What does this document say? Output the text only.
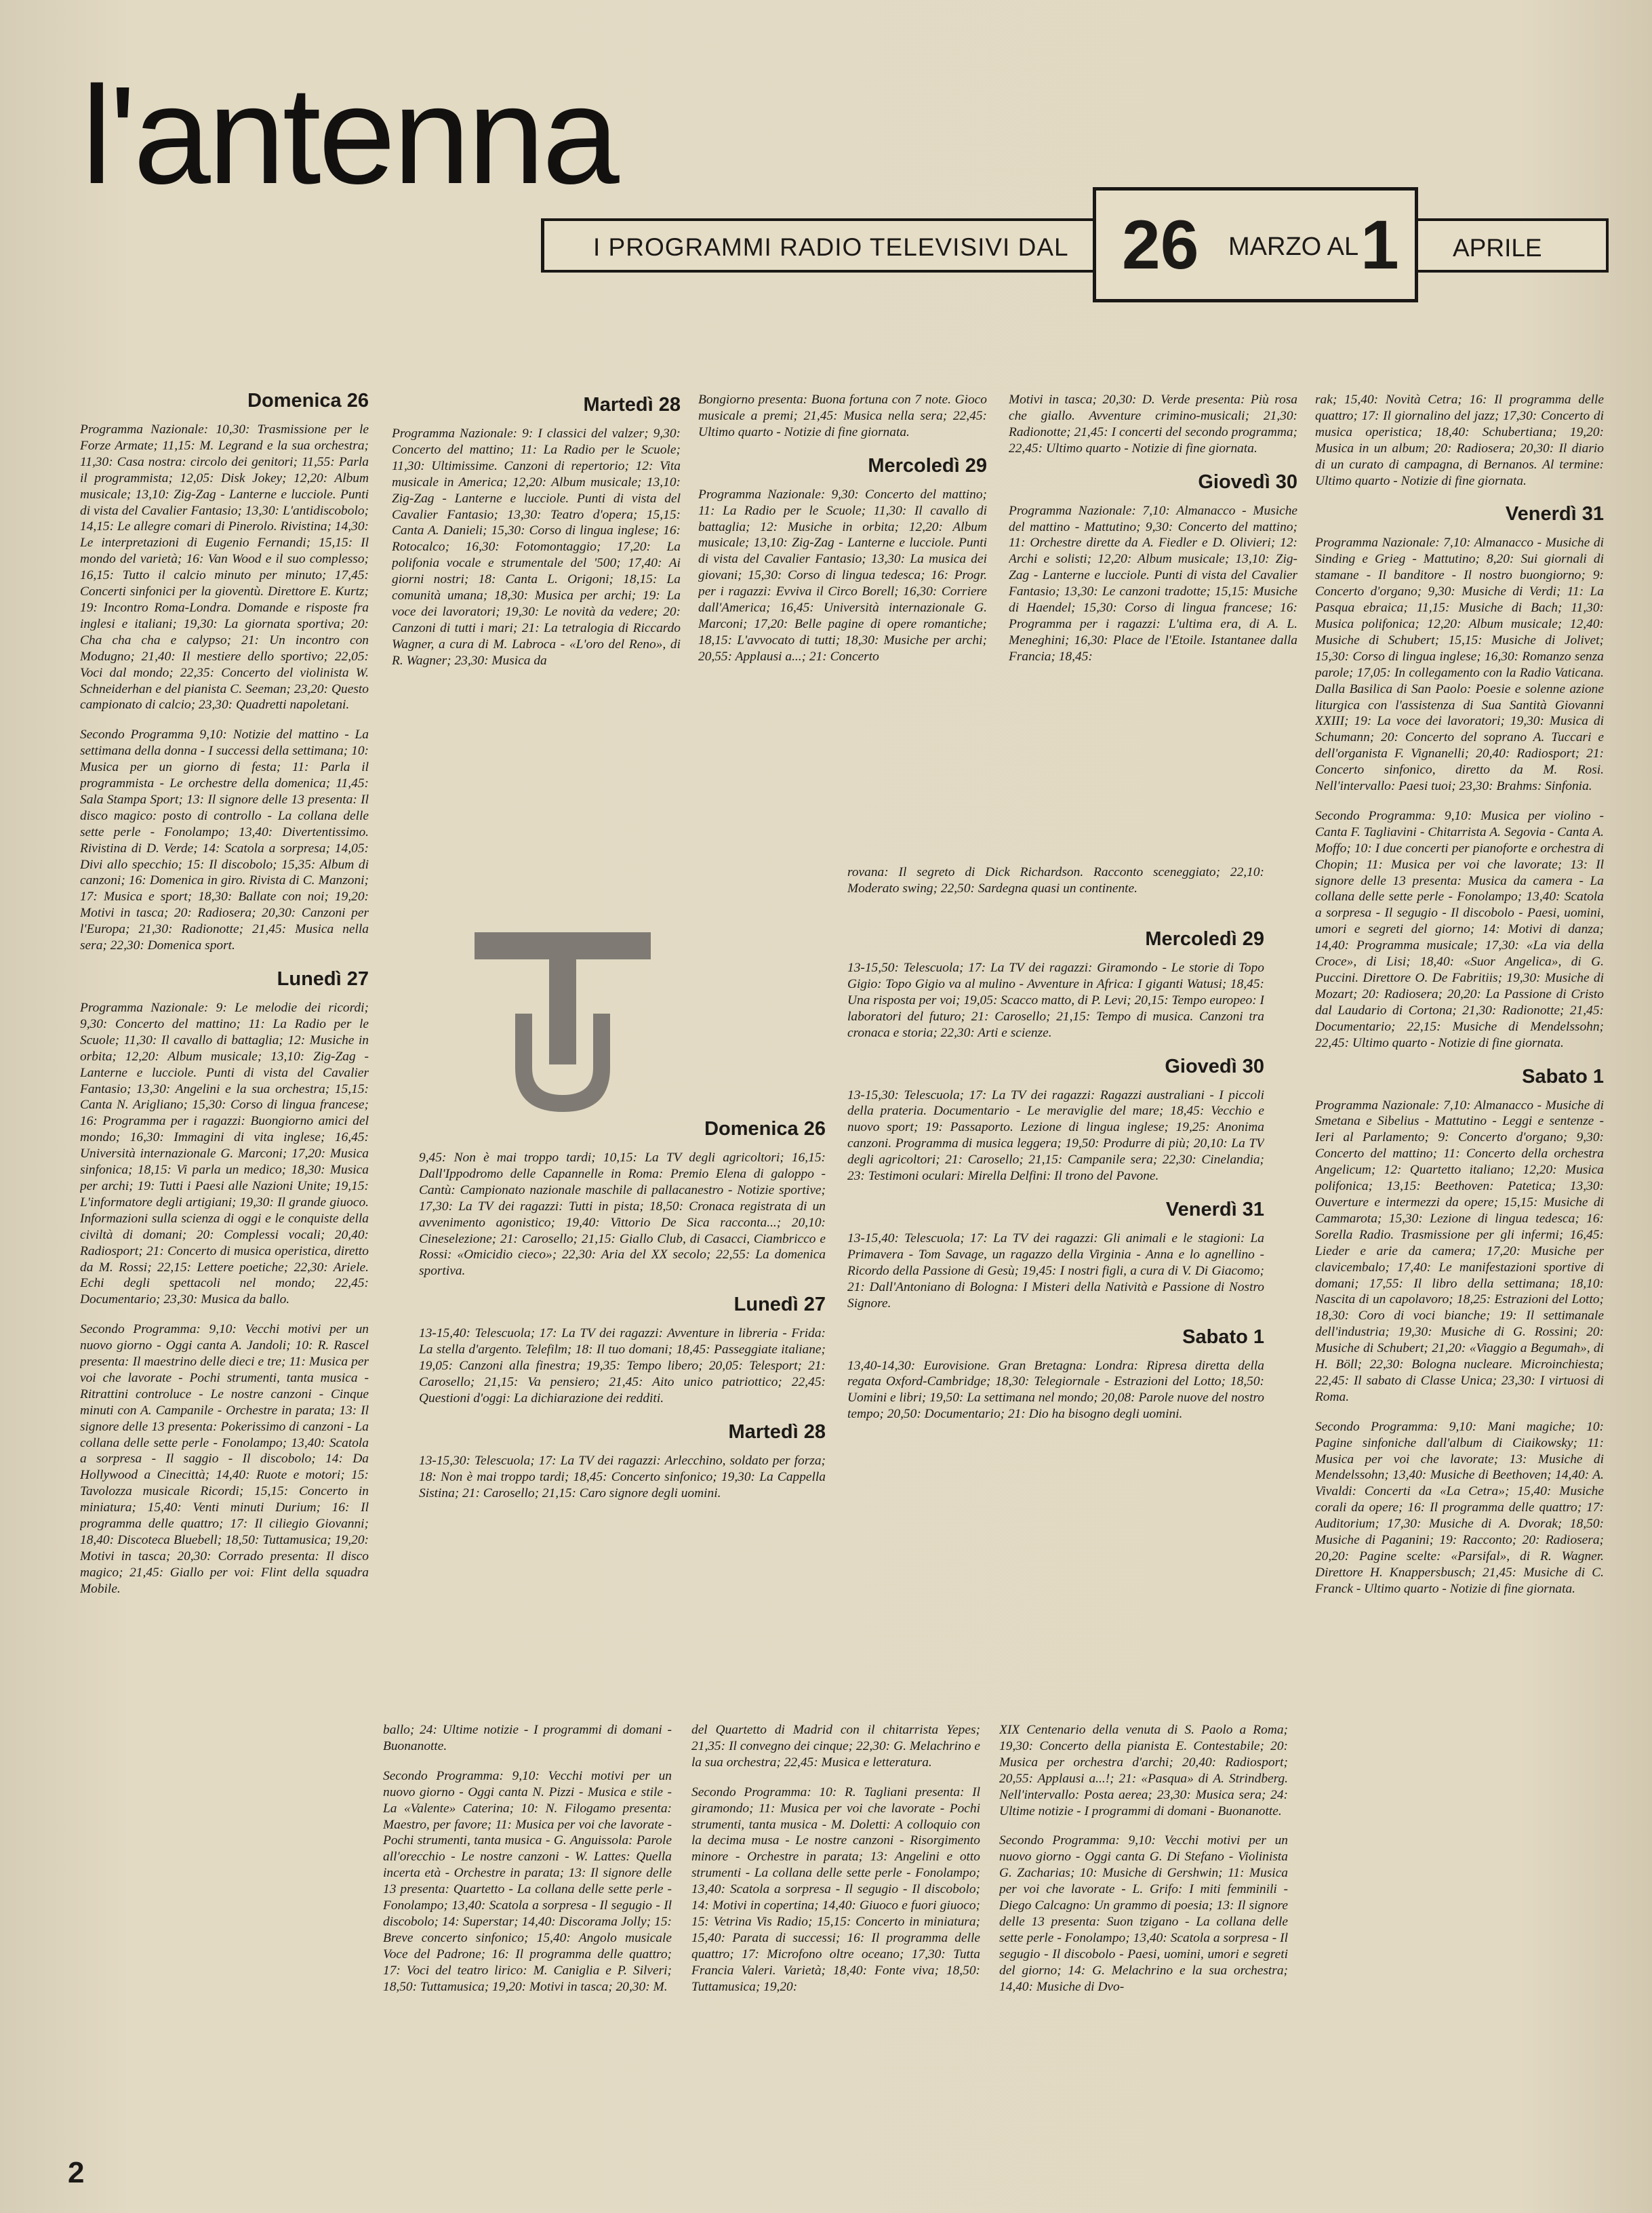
l'antenna
I PROGRAMMI RADIO TELEVISIVI DAL 26 MARZO AL 1 APRILE
Domenica 26

Programma Nazionale: 10,30: Trasmissione per le Forze Armate; 11,15: M. Legrand e la sua orchestra; 11,30: Casa nostra: circolo dei genitori; 11,55: Parla il programmista; 12,05: Disk Jokey; 12,20: Album musicale; 13,10: Zig-Zag - Lanterne e lucciole. Punti di vista del Cavalier Fantasio; 13,30: L'antidiscobolo; 14,15: Le allegre comari di Pinerolo. Rivistina; 14,30: Le interpretazioni di Eugenio Fernandi; 15,15: Il mondo del varietà; 16: Van Wood e il suo complesso; 16,15: Tutto il calcio minuto per minuto; 17,45: Concerti sinfonici per la gioventù. Direttore E. Kurtz; 19: Incontro Roma-Londra. Domande e risposte fra inglesi e italiani; 19,30: La giornata sportiva; 20: Cha cha cha e calypso; 21: Un incontro con Modugno; 21,40: Il mestiere dello sportivo; 22,05: Voci dal mondo; 22,35: Concerto del violinista W. Schneiderhan e del pianista C. Seeman; 23,20: Questo campionato di calcio; 23,30: Quadretti napoletani.

Secondo Programma 9,10: Notizie del mattino - La settimana della donna - I successi della settimana; 10: Musica per un giorno di festa; 11: Parla il programmista - Le orchestre della domenica; 11,45: Sala Stampa Sport; 13: Il signore delle 13 presenta: Il disco magico: posto di controllo - La collana delle sette perle - Fonolampo; 13,40: Divertentissimo. Rivistina di D. Verde; 14: Scatola a sorpresa; 14,05: Divi allo specchio; 15: Il discobolo; 15,35: Album di canzoni; 16: Domenica in giro. Rivista di C. Manzoni; 17: Musica e sport; 18,30: Ballate con noi; 19,20: Motivi in tasca; 20: Radiosera; 20,30: Canzoni per l'Europa; 21,30: Radionotte; 21,45: Musica nella sera; 22,30: Domenica sport.

Lunedì 27

Programma Nazionale: 9: Le melodie dei ricordi; 9,30: Concerto del mattino; 11: La Radio per le Scuole; 11,30: Il cavallo di battaglia; 12: Musiche in orbita; 12,20: Album musicale; 13,10: Zig-Zag - Lanterne e lucciole. Punti di vista del Cavalier Fantasio; 13,30: Angelini e la sua orchestra; 15,15: Canta N. Arigliano; 15,30: Corso di lingua francese; 16: Programma per i ragazzi: Buongiorno amici del mondo; 16,30: Immagini di vita inglese; 16,45: Università internazionale G. Marconi; 17,20: Musica sinfonica; 18,15: Vi parla un medico; 18,30: Musica per archi; 19: Tutti i Paesi alle Nazioni Unite; 19,15: L'informatore degli artigiani; 19,30: Il grande giuoco. Informazioni sulla scienza di oggi e le conquiste della civiltà di domani; 20: Complessi vocali; 20,40: Radiosport; 21: Concerto di musica operistica, diretto da M. Rossi; 22,15: Lettere poetiche; 22,30: Ariele. Echi degli spettacoli nel mondo; 22,45: Documentario; 23,30: Musica da ballo.

Secondo Programma: 9,10: Vecchi motivi per un nuovo giorno - Oggi canta A. Jandoli; 10: R. Rascel presenta: Il maestrino delle dieci e tre; 11: Musica per voi che lavorate - Pochi strumenti, tanta musica - Ritrattini controluce - Le nostre canzoni - Cinque minuti con A. Campanile - Orchestre in parata; 13: Il signore delle 13 presenta: Pokerissimo di canzoni - La collana delle sette perle - Fonolampo; 13,40: Scatola a sorpresa - Il saggio - Il discobolo; 14: Da Hollywood a Cinecittà; 14,40: Ruote e motori; 15: Tavolozza musicale Ricordi; 15,15: Concerto in miniatura; 15,40: Venti minuti Durium; 16: Il programma delle quattro; 17: Il ciliegio Giovanni; 18,40: Discoteca Bluebell; 18,50: Tuttamusica; 19,20: Motivi in tasca; 20,30: Corrado presenta: Il disco magico; 21,45: Giallo per voi: Flint della squadra Mobile.

Martedì 28

Programma Nazionale: 9: I classici del valzer; 9,30: Concerto del mattino; 11: La Radio per le Scuole; 11,30: Ultimissime. Canzoni di repertorio; 12: Vita musicale in America; 12,20: Album musicale; 13,10: Zig-Zag - Lanterne e lucciole. Punti di vista del Cavalier Fantasio; 13,30: Teatro d'opera; 15,15: Canta A. Danieli; 15,30: Corso di lingua inglese; 16: Rotocalco; 16,30: Fotomontaggio; 17,20: La polifonia vocale e strumentale del '500; 17,40: Ai giorni nostri; 18: Canta L. Origoni; 18,15: La comunità umana; 18,30: Musica per archi; 19: La voce dei lavoratori; 19,30: Le novità da vedere; 20: Canzoni di tutti i mari; 21: La tetralogia di Riccardo Wagner, a cura di M. Labroca - «L'oro del Reno», di R. Wagner; 23,30: Musica da

Bongiorno presenta: Buona fortuna con 7 note. Gioco musicale a premi; 21,45: Musica nella sera; 22,45: Ultimo quarto - Notizie di fine giornata.

Mercoledì 29

Programma Nazionale: 9,30: Concerto del mattino; 11: La Radio per le Scuole; 11,30: Il cavallo di battaglia; 12: Musiche in orbita; 12,20: Album musicale; 13,10: Zig-Zag - Lanterne e lucciole. Punti di vista del Cavalier Fantasio; 13,30: La musica dei giovani; 15,30: Corso di lingua tedesca; 16: Progr. per i ragazzi: Evviva il Circo Borell; 16,30: Corriere dall'America; 16,45: Università internazionale G. Marconi; 17,20: Belle pagine di opere romantiche; 18,15: L'avvocato di tutti; 18,30: Musiche per archi; 20,55: Applausi a...; 21: Concerto

Motivi in tasca; 20,30: D. Verde presenta: Più rosa che giallo. Avventure crimino-musicali; 21,30: Radionotte; 21,45: I concerti del secondo programma; 22,45: Ultimo quarto - Notizie di fine giornata.

Giovedì 30

Programma Nazionale: 7,10: Almanacco - Musiche del mattino - Mattutino; 9,30: Concerto del mattino; 11: Orchestre dirette da A. Fiedler e D. Olivieri; 12: Archi e solisti; 12,20: Album musicale; 13,10: Zig-Zag - Lanterne e lucciole. Punti di vista del Cavalier Fantasio; 13,30: Le canzoni tradotte; 15,15: Musiche di Haendel; 15,30: Corso di lingua francese; 16: Programma per i ragazzi: L'ultima era, di A. L. Meneghini; 16,30: Place de l'Etoile. Istantanee dalla Francia; 18,45:

rak; 15,40: Novità Cetra; 16: Il programma delle quattro; 17: Il giornalino del jazz; 17,30: Concerto di musica operistica; 18,40: Schubertiana; 19,20: Musica in un album; 20: Radiosera; 20,30: Il diario di un curato di campagna, di Bernanos. Al termine: Ultimo quarto - Notizie di fine giornata.

Venerdì 31

Programma Nazionale: 7,10: Almanacco - Musiche di Sinding e Grieg - Mattutino; 8,20: Sui giornali di stamane - Il banditore - Il nostro buongiorno; 9: Concerto d'organo; 9,30: Musiche di Verdi; 11: La Pasqua ebraica; 11,15: Musiche di Bach; 11,30: Musica polifonica; 12,20: Album musicale; 12,40: Musiche di Schubert; 15,15: Musiche di Jolivet; 15,30: Corso di lingua inglese; 16,30: Romanzo senza parole; 17,05: In collegamento con la Radio Vaticana. Dalla Basilica di San Paolo: Poesie e solenne azione liturgica con l'assistenza di Sua Santità Giovanni XXIII; 19: La voce dei lavoratori; 19,30: Musica di Schumann; 20: Concerto del soprano A. Tuccari e dell'organista F. Vignanelli; 20,40: Radiosport; 21: Concerto sinfonico, diretto da M. Rosi. Nell'intervallo: Paesi tuoi; 23,30: Brahms: Sinfonia.

Secondo Programma: 9,10: Musica per violino - Canta F. Tagliavini - Chitarrista A. Segovia - Canta A. Moffo; 10: I due concerti per pianoforte e orchestra di Chopin; 11: Musica per voi che lavorate; 13: Il signore delle 13 presenta: Musica da camera - La collana delle sette perle - Fonolampo; 13,40: Scatola a sorpresa - Il segugio - Il discobolo - Paesi, uomini, umori e segreti del giorno; 14: Motivi di danza; 14,40: Programma musicale; 17,30: «La via della Croce», di Lisi; 18,40: «Suor Angelica», di G. Puccini. Direttore O. De Fabritiis; 19,30: Musiche di Mozart; 20: Radiosera; 20,20: La Passione di Cristo dal Laudario di Cortona; 21,30: Radionotte; 21,45: Documentario; 22,15: Musiche di Mendelssohn; 22,45: Ultimo quarto - Notizie di fine giornata.

Sabato 1

Programma Nazionale: 7,10: Almanacco - Musiche di Smetana e Sibelius - Mattutino - Leggi e sentenze - Ieri al Parlamento; 9: Concerto d'organo; 9,30: Concerto del mattino; 11: Concerto della orchestra Angelicum; 12: Quartetto italiano; 12,20: Musica polifonica; 13,15: Beethoven: Patetica; 13,30: Ouverture e intermezzi da opere; 15,15: Musiche di Cammarota; 15,30: Lezione di lingua tedesca; 16: Sorella Radio. Trasmissione per gli infermi; 16,45: Lieder e arie da camera; 17,20: Musiche per clavicembalo; 17,40: Le manifestazioni sportive di domani; 17,55: Il libro della settimana; 18,10: Nascita di un capolavoro; 18,25: Estrazioni del Lotto; 18,30: Coro di voci bianche; 19: Il settimanale dell'industria; 19,30: Musiche di G. Rossini; 20: Musiche di Schubert; 21,20: «Viaggio a Begumah», di H. Böll; 22,30: Bologna nucleare. Microinchiesta; 22,45: Il sabato di Classe Unica; 23,30: I virtuosi di Roma.

Secondo Programma: 9,10: Mani magiche; 10: Pagine sinfoniche dall'album di Ciaikowsky; 11: Musica per voi che lavorate; 13: Musiche di Mendelssohn; 13,40: Musiche di Beethoven; 14,40: A. Vivaldi: Concerti da «La Cetra»; 15,40: Musiche corali da opere; 16: Il programma delle quattro; 17: Auditorium; 17,30: Musiche di A. Dvorak; 18,50: Musiche di Paganini; 19: Racconto; 20: Radiosera; 20,20: Pagine scelte: «Parsifal», di R. Wagner. Direttore H. Knappersbusch; 21,45: Musiche di C. Franck - Ultimo quarto - Notizie di fine giornata.

rovana: Il segreto di Dick Richardson. Racconto sceneggiato; 22,10: Moderato swing; 22,50: Sardegna quasi un continente.

Mercoledì 29

13-15,50: Telescuola; 17: La TV dei ragazzi: Giramondo - Le storie di Topo Gigio: Topo Gigio va al mulino - Avventure in Africa: I giganti Watusi; 18,45: Una risposta per voi; 19,05: Scacco matto, di P. Levi; 20,15: Tempo europeo: I laboratori del futuro; 21: Carosello; 21,15: Tempo di musica. Canzoni tra cronaca e storia; 22,30: Arti e scienze.

Giovedì 30

13-15,30: Telescuola; 17: La TV dei ragazzi: Ragazzi australiani - I piccoli della prateria. Documentario - Le meraviglie del mare; 18,45: Vecchio e nuovo sport; 19: Passaporto. Lezione di lingua inglese; 19,25: Anonima canzoni. Programma di musica leggera; 19,50: Produrre di più; 20,10: La TV degli agricoltori; 21: Carosello; 21,15: Campanile sera; 22,30: Cinelandia; 23: Testimoni oculari: Mirella Delfini: Il trono del Pavone.

Venerdì 31

13-15,40: Telescuola; 17: La TV dei ragazzi: Gli animali e le stagioni: La Primavera - Tom Savage, un ragazzo della Virginia - Anna e lo agnellino - Ricordo della Passione di Gesù; 19,45: I nostri figli, a cura di V. Di Giacomo; 21: Dall'Antoniano di Bologna: I Misteri della Natività e Passione di Nostro Signore.

Sabato 1

13,40-14,30: Eurovisione. Gran Bretagna: Londra: Ripresa diretta della regata Oxford-Cambridge; 18,30: Telegiornale - Estrazioni del Lotto; 18,50: Uomini e libri; 19,50: La settimana nel mondo; 20,08: Parole nuove del nostro tempo; 20,50: Documentario; 21: Dio ha bisogno degli uomini.

Domenica 26

9,45: Non è mai troppo tardi; 10,15: La TV degli agricoltori; 16,15: Dall'Ippodromo delle Capannelle in Roma: Premio Elena di galoppo - Cantù: Campionato nazionale maschile di pallacanestro - Notizie sportive; 17,30: La TV dei ragazzi: Tutti in pista; 18,50: Cronaca registrata di un avvenimento agonistico; 19,40: Vittorio De Sica racconta...; 20,10: Cineselezione; 21: Carosello; 21,15: Giallo Club, di Casacci, Ciambricco e Rossi: «Omicidio cieco»; 22,30: Aria del XX secolo; 22,55: La domenica sportiva.

Lunedì 27

13-15,40: Telescuola; 17: La TV dei ragazzi: Avventure in libreria - Frida: La stella d'argento. Telefilm; 18: Il tuo domani; 18,45: Passeggiate italiane; 19,05: Canzoni alla finestra; 19,35: Tempo libero; 20,05: Telesport; 21: Carosello; 21,15: Va pensiero; 21,45: Aito unico patriottico; 22,45: Questioni d'oggi: La dichiarazione dei redditi.

Martedì 28

13-15,30: Telescuola; 17: La TV dei ragazzi: Arlecchino, soldato per forza; 18: Non è mai troppo tardi; 18,45: Concerto sinfonico; 19,30: La Cappella Sistina; 21: Carosello; 21,15: Caro signore degli uomini.

ballo; 24: Ultime notizie - I programmi di domani - Buonanotte.

Secondo Programma: 9,10: Vecchi motivi per un nuovo giorno - Oggi canta N. Pizzi - Musica e stile - La «Valente» Caterina; 10: N. Filogamo presenta: Maestro, per favore; 11: Musica per voi che lavorate - Pochi strumenti, tanta musica - G. Anguissola: Parole all'orecchio - Le nostre canzoni - W. Lattes: Quella incerta età - Orchestre in parata; 13: Il signore delle 13 presenta: Quartetto - La collana delle sette perle - Fonolampo; 13,40: Scatola a sorpresa - Il segugio - Il discobolo; 14: Superstar; 14,40: Discorama Jolly; 15: Breve concerto sinfonico; 15,40: Angolo musicale Voce del Padrone; 16: Il programma delle quattro; 17: Voci del teatro lirico: M. Caniglia e P. Silveri; 18,50: Tuttamusica; 19,20: Motivi in tasca; 20,30: M.

del Quartetto di Madrid con il chitarrista Yepes; 21,35: Il convegno dei cinque; 22,30: G. Melachrino e la sua orchestra; 22,45: Musica e letteratura.

Secondo Programma: 10: R. Tagliani presenta: Il giramondo; 11: Musica per voi che lavorate - Pochi strumenti, tanta musica - M. Doletti: A colloquio con la decima musa - Le nostre canzoni - Risorgimento minore - Orchestre in parata; 13: Angelini e otto strumenti - La collana delle sette perle - Fonolampo; 13,40: Scatola a sorpresa - Il segugio - Il discobolo; 14: Motivi in copertina; 14,40: Giuoco e fuori giuoco; 15: Vetrina Vis Radio; 15,15: Concerto in miniatura; 15,40: Parata di successi; 16: Il programma delle quattro; 17: Microfono oltre oceano; 17,30: Tutta Francia Valeri. Varietà; 18,40: Fonte viva; 18,50: Tuttamusica; 19,20:

XIX Centenario della venuta di S. Paolo a Roma; 19,30: Concerto della pianista E. Contestabile; 20: Musica per orchestra d'archi; 20,40: Radiosport; 20,55: Applausi a...!; 21: «Pasqua» di A. Strindberg. Nell'intervallo: Posta aerea; 23,30: Musica sera; 24: Ultime notizie - I programmi di domani - Buonanotte.

Secondo Programma: 9,10: Vecchi motivi per un nuovo giorno - Oggi canta G. Di Stefano - Violinista G. Zacharias; 10: Musiche di Gershwin; 11: Musica per voi che lavorate - L. Grifo: I miti femminili - Diego Calcagno: Un grammo di poesia; 13: Il signore delle 13 presenta: Suon tzigano - La collana delle sette perle - Fonolampo; 13,40: Scatola a sorpresa - Il segugio - Il discobolo - Paesi, uomini, umori e segreti del giorno; 14: G. Melachrino e la sua orchestra; 14,40: Musiche di Dvo-

2
